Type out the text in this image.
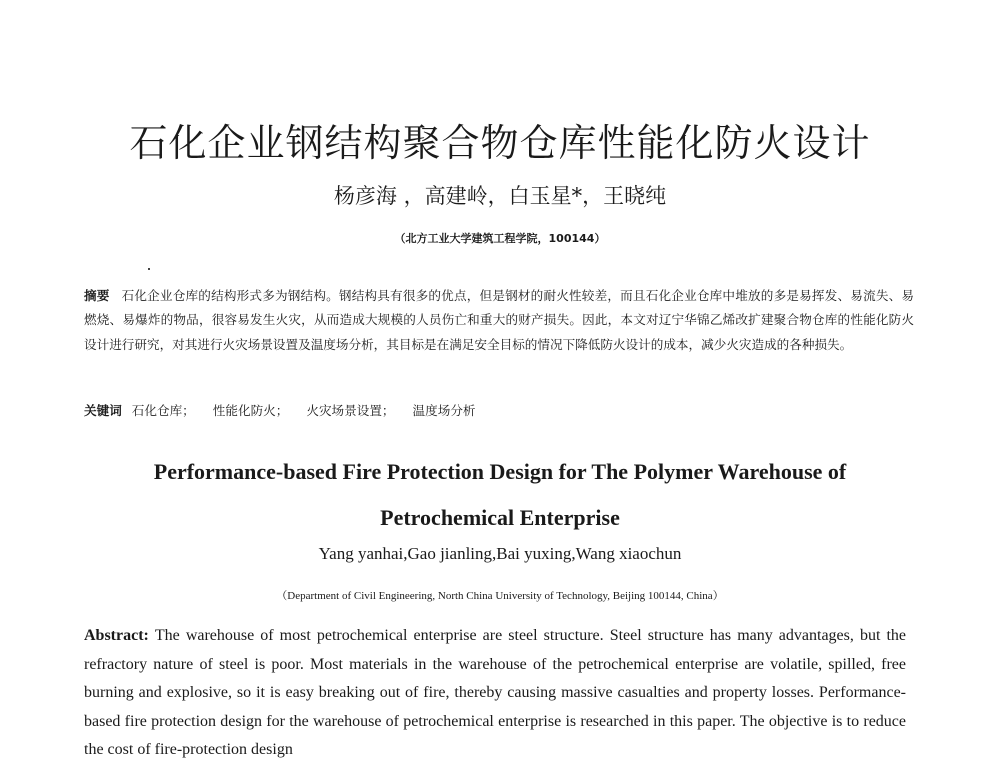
石化企业钢结构聚合物仓库性能化防火设计
杨彦海 ，高建岭，白玉星*，王晓纯
（北方工业大学建筑工程学院，100144）
摘要 石化企业仓库的结构形式多为钢结构。钢结构具有很多的优点，但是钢材的耐火性较差，而且石化企业仓库中堆放的多是易挥发、易流失、易燃烧、易爆炸的物品，很容易发生火灾，从而造成大规模的人员伤亡和重大的财产损失。因此，本文对辽宁华锦乙烯改扩建聚合物仓库的性能化防火设计进行研究，对其进行火灾场景设置及温度场分析，其目标是在满足安全目标的情况下降低防火设计的成本，减少火灾造成的各种损失。
关键词 石化仓库； 性能化防火； 火灾场景设置； 温度场分析
Performance-based Fire Protection Design for The Polymer Warehouse of
Petrochemical Enterprise
Yang yanhai,Gao jianling,Bai yuxing,Wang xiaochun
（Department of Civil Engineering, North China University of Technology, Beijing 100144, China）
Abstract: The warehouse of most petrochemical enterprise are steel structure. Steel structure has many advantages, but the refractory nature of steel is poor. Most materials in the warehouse of the petrochemical enterprise are volatile, spilled, free burning and explosive, so it is easy breaking out of fire, thereby causing massive casualties and property losses. Performance-based fire protection design for the warehouse of petrochemical enterprise is researched in this paper. The objective is to reduce the cost of fire-protection design
